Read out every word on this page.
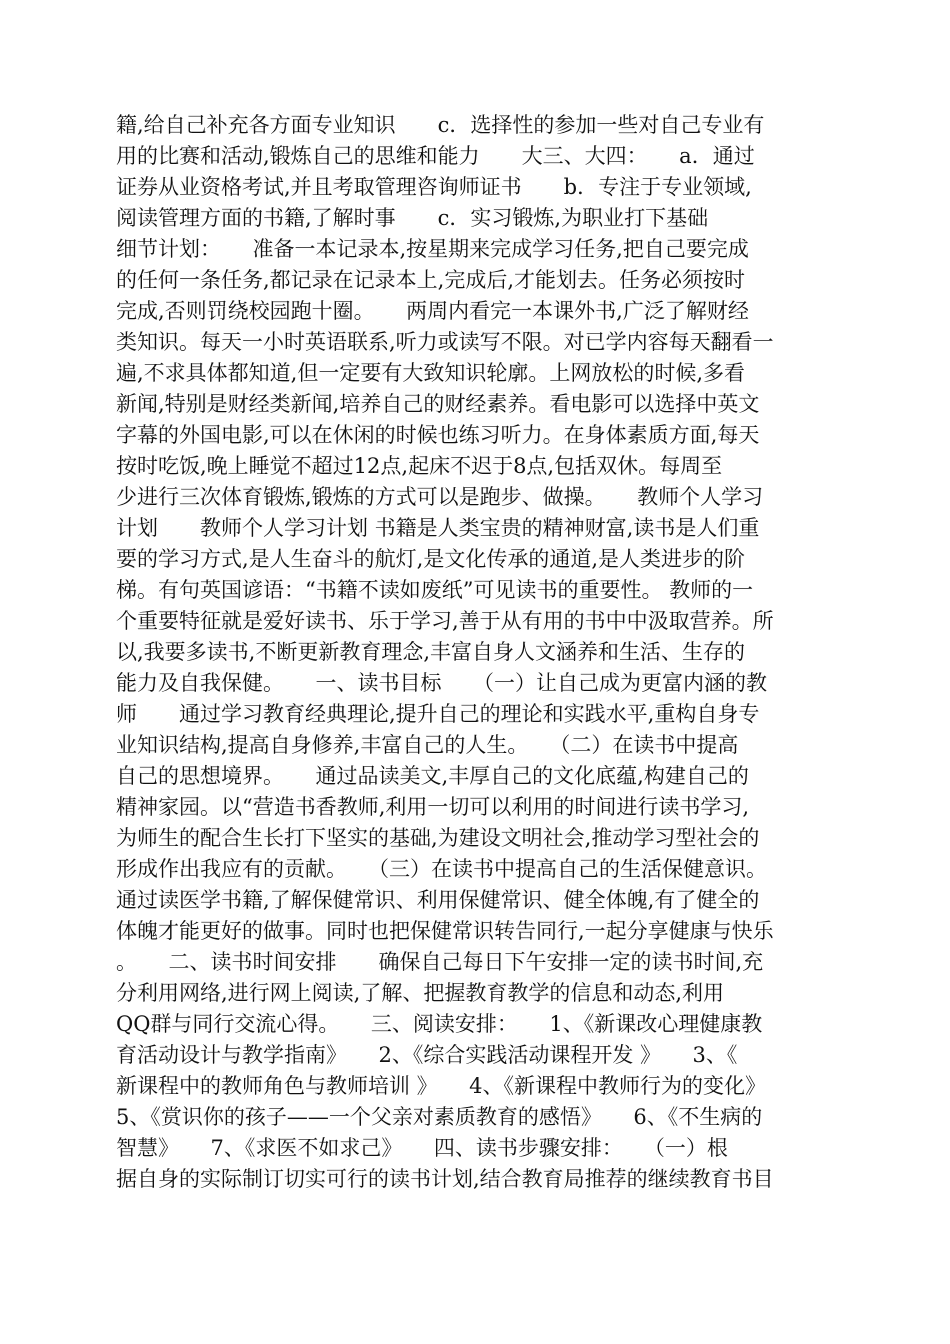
籍,给自己补充各方面专业知识　　c．选择性的参加一些对自己专业有
用的比赛和活动,锻炼自己的思维和能力　　大三、大四：　　a．通过
证券从业资格考试,并且考取管理咨询师证书　　b．专注于专业领域,
阅读管理方面的书籍,了解时事　　c．实习锻炼,为职业打下基础
细节计划：　　准备一本记录本,按星期来完成学习任务,把自己要完成
的任何一条任务,都记录在记录本上,完成后,才能划去。任务必须按时
完成,否则罚绕校园跑十圈。　　两周内看完一本课外书,广泛了解财经
类知识。每天一小时英语联系,听力或读写不限。对已学内容每天翻看一
遍,不求具体都知道,但一定要有大致知识轮廓。上网放松的时候,多看
新闻,特别是财经类新闻,培养自己的财经素养。看电影可以选择中英文
字幕的外国电影,可以在休闲的时候也练习听力。在身体素质方面,每天
按时吃饭,晚上睡觉不超过12点,起床不迟于8点,包括双休。每周至
少进行三次体育锻炼,锻炼的方式可以是跑步、做操。　　教师个人学习
计划　　教师个人学习计划 书籍是人类宝贵的精神财富,读书是人们重
要的学习方式,是人生奋斗的航灯,是文化传承的通道,是人类进步的阶
梯。有句英国谚语：“书籍不读如废纸”可见读书的重要性。 教师的一
个重要特征就是爱好读书、乐于学习,善于从有用的书中中汲取营养。所
以,我要多读书,不断更新教育理念,丰富自身人文涵养和生活、生存的
能力及自我保健。　　一、读书目标　　（一）让自己成为更富内涵的教
师　　通过学习教育经典理论,提升自己的理论和实践水平,重构自身专
业知识结构,提高自身修养,丰富自己的人生。　　（二）在读书中提高
自己的思想境界。　　通过品读美文,丰厚自己的文化底蕴,构建自己的
精神家园。以“营造书香教师,利用一切可以利用的时间进行读书学习,
为师生的配合生长打下坚实的基础,为建设文明社会,推动学习型社会的
形成作出我应有的贡献。　　（三）在读书中提高自己的生活保健意识。
通过读医学书籍,了解保健常识、利用保健常识、健全体魄,有了健全的
体魄才能更好的做事。同时也把保健常识转告同行,一起分享健康与快乐
。　　二、读书时间安排　　确保自己每日下午安排一定的读书时间,充
分利用网络,进行网上阅读,了解、把握教育教学的信息和动态,利用
QQ群与同行交流心得。　　三、阅读安排：　　1、《新课改心理健康教
育活动设计与教学指南》　　2、《综合实践活动课程开发 》　　3、《
新课程中的教师角色与教师培训 》　　4、《新课程中教师行为的变化》
5、《赏识你的孩子——一个父亲对素质教育的感悟》　　6、《不生病的
智慧》　　7、《求医不如求己》　　四、读书步骤安排：　　（一）根
据自身的实际制订切实可行的读书计划,结合教育局推荐的继续教育书目
